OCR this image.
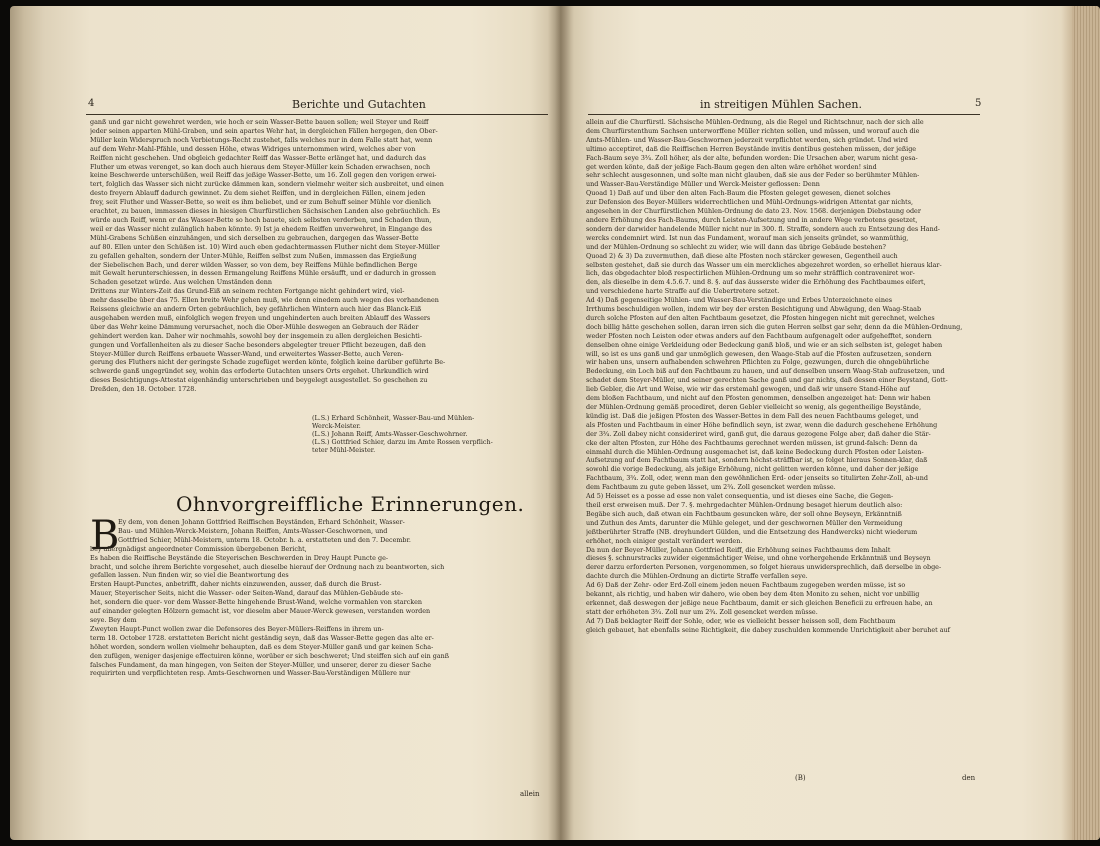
4	Berichte und Gutachten
ganß und gar nicht gewehret werden, wie hoch er sein Wasser-Bette bauen sollen; weil Steyer und Reiff
jeder seinen apparten Mühl-Graben, und sein apartes Wehr hat, in dergleichen Fällen hergegen, den Ober-
Müller kein Widerspruch noch Verbietungs-Recht zustehet, falls welches nur in dem Falle statt hat, wenn
auf dem Wehr-Mahl-Pfähle, und dessen Höhe, etwas Widriges unternommen wird, welches aber von
Reiffen nicht geschehen. Und obgleich gedachter Reiff das Wasser-Bette erlänget hat, und dadurch das
Fluther um etwas verenget, so kan doch auch hieraus dem Steyer-Müller kein Schaden erwachsen, noch
keine Beschwerde unterschüßen, weil Reiff das jeßige Wasser-Bette, um 16. Zoll gegen den vorigen erwei-
tert, folglich das Wasser sich nicht zurücke dämmen kan, sondern vielmehr weiter sich ausbreitet, und einen
desto freyern Ablauff dadurch gewinnet. Zu dem siehet Reiffen, und in dergleichen Fällen, einem jeden
frey, seit Fluther und Wasser-Bette, so weit es ihm beliebet, und er zum Behuff seiner Mühle vor dienlich
erachtet, zu bauen, immassen dieses in hiesigen Churfürstlichen Sächsischen Landen also gebräuchlich. Es
würde auch Reiff, wenn er das Wasser-Bette so hoch bauete, sich selbsten verderben, und Schaden thun,
weil er das Wasser nicht zulänglich haben könnte. 9) Ist ja ehedem Reiffen unverwehret, in Eingange des
Mühl-Grabens Schüßen einzuhängen, und sich derselben zu gebrauchen, dargegen das Wasser-Bette
auf 80. Ellen unter den Schüßen ist. 10) Wird auch eben gedachtermassen Fluther nicht dem Steyer-Müller
zu gefallen gehalten, sondern der Unter-Mühle, Reiffen selbst zum Nußen, immassen das Ergießung
der Siebelischen Bach, und derer wilden Wasser, so von dem, bey Reiffens Mühle befindlichen Berge
mit Gewalt herunterschiessen, in dessen Ermangelung Reiffens Mühle ersäufft, und er dadurch in grossen
Schaden gesetzet würde. Aus welchen Umständen denn
Drittens zur Winters-Zeit das Grund-Eiß an seinem rechten Fortgange nicht gehindert wird, viel-
mehr dasselbe über das 75. Ellen breite Wehr gehen muß, wie denn einedem auch wegen des vorhandenen
Reissens gleichwie an andern Orten gebräuchlich, bey gefährlichen Wintern auch hier das Blanck-Eiß
ausgehaben werden muß, einfolglich wegen freyen und ungehinderten auch breiten Ablauff des Wassers
über das Wehr keine Dämmung verursachet, noch die Ober-Mühle deswegen an Gebrauch der Räder
gehindert werden kan. Daher wir nochmahls, sowohl bey der insgemein zu allen dergleichen Besichti-
gungen und Vorfallenheiten als zu dieser Sache besonders abgelegter treuer Pflicht bezeugen, daß den
Steyer-Müller durch Reiffens erbauete Wasser-Wand, und erweitertes Wasser-Bette, auch Veren-
gerung des Fluthers nicht der geringste Schade zugefüget werden könte, folglich keine darüber geführte Be-
schwerde ganß ungegründet sey, wohin das erfoderte Gutachten unsers Orts ergehet. Uhrkundlich wird
dieses Besichtigungs-Attestat eigenhändig unterschrieben und beygelegt ausgestellet. So geschehen zu
Dreßden, den 18. October. 1728.
(L.S.) Erhard Schönheit, Wasser-Bau-und Mühlen-
Werck-Meister.
(L.S.) Johann Reiff, Amts-Wasser-Geschwohrner.
(L.S.) Gottfried Schier, darzu im Amte Rossen verpflich-
teter Mühl-Meister.
Ohnvorgreiffliche Erinnerungen.
B
Ey dem, von denen Johann Gottfried Reiffischen Beyständen, Erhard Schönheit, Wasser-
Bau- und Mühlen-Werck-Meistern, Johann Reiffen, Amts-Wasser-Geschwornen, und
Gottfried Schier, Mühl-Meistern, unterm 18. Octobr. h. a. erstatteten und den 7. Decembr.
bey allergnädigst angeordneter Commission übergebenen Bericht,
Es haben die Reiffische Beystände die Steyerischen Beschwerden in Drey Haupt Puncte ge-
bracht, und solche ihrem Berichte vorgesehet, auch dieselbe hierauf der Ordnung nach zu beantworten, sich
gefallen lassen. Nun finden wir, so viel die Beantwortung des
Ersten Haupt-Punctes, anbetrifft, daher nichts einzuwenden, ausser, daß durch die Brust-
Mauer, Steyerischer Seits, nicht die Wasser- oder Seiten-Wand, darauf das Mühlen-Gebäude ste-
het, sondern die quer- vor dem Wasser-Bette hingehende Brust-Wand, welche vormahlen von starcken
auf einander gelegten Hölzern gemacht ist, vor dieselm aber Mauer-Werck gewesen, verstanden worden
seye. Bey dem
Zweyten Haupt-Punct wollen zwar die Defensores des Beyer-Müllers-Reiffens in ihrem un-
term 18. October 1728. erstatteten Bericht nicht geständig seyn, daß das Wasser-Bette gegen das alte er-
höhet worden, sondern wollen vielmehr behaupten, daß es dem Steyer-Müller ganß und gar keinen Scha-
den zufügen, weniger dasjenige effectuiren könne, worüber er sich beschweret; Und steiffen sich auf ein ganß
falsches Fundament, da man hingegen, von Seiten der Steyer-Müller, und unserer, derer zu dieser Sache
requirirten und verpflichteten resp. Amts-Geschwornen und Wasser-Bau-Verständigen Müllere nur
allein
in streitigen Mühlen Sachen.	5
allein auf die Churfürstl. Sächsische Mühlen-Ordnung, als die Regel und Richtschnur, nach der sich alle
dem Churfürstenthum Sachsen unterworffene Müller richten sollen, und müssen, und worauf auch die
Amts-Mühlen- und Wasser-Bau-Geschwornen jederzeit verpflichtet werden, sich gründet. Und wird
ultimo acceptiret, daß die Reiffischen Herren Beystände invitis dentibus gestehen müssen, der jeßige
Fach-Baum seye 3¾. Zoll höher, als der alte, befunden worden: Die Ursachen aber, warum nicht gesa-
get werden könte, daß der jeßige Fach-Baum gegen den alten wäre erhöhet worden! sind
sehr schlecht ausgesonnen, und solte man nicht glauben, daß sie aus der Feder so berühmter Mühlen-
und Wasser-Bau-Verständige Müller und Werck-Meister geflossen: Denn
Quoad 1) Daß auf und über den alten Fach-Baum die Pfosten geleget gewesen, dienet solches
zur Defension des Beyer-Müllers widerrechtlichen und Mühl-Ordnungs-widrigen Attentat gar nichts,
angesehen in der Churfürstlichen Mühlen-Ordnung de dato 23. Nov. 1568. derjenigen Diebstaung oder
andere Erhöhung des Fach-Baums, durch Leisten-Aufsetzung und in andere Wege verbotens gesetzet,
sondern der darwider handelende Müller nicht nur in 300. fl. Straffe, sondern auch zu Entsetzung des Hand-
wercks condemnirt wird. Ist nun das Fundament, worauf man sich jenseits gründet, so wanmüthig,
und der Mühlen-Ordnung so schlecht zu wider, wie will dann das übrige Gebäude bestehen?
Quoad 2) & 3) Da zuvermuthen, daß diese alte Pfosten noch stärcker gewesen, Gegentheil auch
selbsten gestehet, daß sie durch das Wasser um ein merckliches abgezehret worden, so erhellet hieraus klar-
lich, das obgedachter bloß respectirlichen Mühlen-Ordnung um so mehr sträfflich contraveniret wor-
den, als dieselbe in dem 4.5.6.7. und 8. §. auf das äusserste wider die Erhöhung des Fachtbaumes eifert,
und verschiedene harte Straffe auf die Uebertretere setzet.
Ad 4) Daß gegenseitige Mühlen- und Wasser-Bau-Verständige und Erbes Unterzeichnete eines
Irrthums beschuldigen wollen, indem wir bey der ersten Besichtigung und Abwägung, den Waag-Staab
durch solche Pfosten auf den alten Fachtbaum gesetzet, die Pfosten hingegen nicht mit gerechnet, welches
doch billig hätte geschehen sollen, daran irren sich die guten Herren selbst gar sehr, denn da die Mühlen-Ordnung,
weder Pfosten noch Leisten oder etwas anders auf den Fachtbaum aufgenagelt oder aufgehefftet, sondern
denselben ohne einige Verkleidung oder Bedeckung ganß bloß, und wie er an sich selbsten ist, geleget haben
will, so ist es uns ganß und gar unmöglich gewesen, den Waage-Stab auf die Pfosten aufzusetzen, sondern
wir haben uns, unsern aufhabenden schwehren Pflichten zu Folge, gezwungen, durch die ohngebührliche
Bedeckung, ein Loch biß auf den Fachtbaum zu hauen, und auf denselben unsern Waag-Stab aufzusetzen, und
schadet dem Steyer-Müller, und seiner gerechten Sache ganß und gar nichts, daß dessen einer Beystand, Gott-
lieb Gebler, die Art und Weise, wie wir das erstemahl gewogen, und daß wir unsere Stand-Höhe auf
dem bloßen Fachtbaum, und nicht auf den Pfosten genommen, denselben angezeiget hat: Denn wir haben
der Mühlen-Ordnung gemäß procediret, deren Gebler vielleicht so wenig, als gegentheilige Beystände,
kündig ist. Daß die jeßigen Pfosten des Wasser-Bettes in dem Fall des neuen Fachtbaums geleget, und
als Pfosten und Fachtbaum in einer Höhe befindlich seyn, ist zwar, wenn die dadurch geschehene Erhöhung
der 3¾. Zoll dabey nicht consideriret wird, ganß gut, die daraus gezogene Folge aber, daß daher die Stär-
cke der alten Pfosten, zur Höhe des Fachtbaums gerechnet werden müssen, ist grund-falsch: Denn da
einmahl durch die Mühlen-Ordnung ausgemachet ist, daß keine Bedeckung durch Pfosten oder Leisten-
Aufsetzung auf dem Fachtbaum statt hat, sondern höchst-sträffbar ist, so folget hieraus Sonnen-klar, daß
sowohl die vorige Bedeckung, als jeßige Erhöhung, nicht gelitten werden könne, und daher der jeßige
Fachtbaum, 3¾. Zoll, oder, wenn man den gewöhnlichen Erd- oder jenseits so titulirten Zehr-Zoll, ab-und
dem Fachtbaum zu gute geben lässet, um 2¾. Zoll gesencket werden müsse.
Ad 5) Heisset es a posse ad esse non valet consequentia, und ist dieses eine Sache, die Gegen-
theil erst erweisen muß. Der 7. §. mehrgedachter Mühlen-Ordnung besaget hierum deutlich also:
Begäbe sich auch, daß etwan ein Fachtbaum gesuncken wäre, der soll ohne Beyseyn, Erkänntniß
und Zuthun des Amts, darunter die Mühle geleget, und der geschwornen Müller den Vermeidung
jeßtberührter Straffe (NB. dreyhundert Gülden, und die Entsetzung des Handwercks) nicht wiederum
erhöhet, noch einiger gestalt verändert werden.
Da nun der Beyer-Müller, Johann Gottfried Reiff, die Erhöhung seines Fachtbaums dem Inhalt
dieses §. schnurstracks zuwider eigenmächtiger Weise, und ohne vorhergehende Erkänntniß und Beyseyn
derer darzu erforderten Personen, vorgenommen, so folget hieraus unwidersprechlich, daß derselbe in obge-
dachte durch die Mühlen-Ordnung an dictirte Straffe verfallen seye.
Ad 6) Daß der Zehr- oder Erd-Zoll einem jeden neuen Fachtbaum zugegeben werden müsse, ist so
bekannt, als richtig, und haben wir dahero, wie oben bey dem 4ten Monito zu sehen, nicht vor unbillig
erkennet, daß deswegen der jeßige neue Fachtbaum, damit er sich gleichen Beneficii zu erfreuen habe, an
statt der erhöheten 3¾. Zoll nur um 2¾. Zoll gesencket werden müsse.
Ad 7) Daß beklagter Reiff der Sohle, oder, wie es vielleicht besser heissen soll, dem Fachtbaum
gleich gebauet, hat ebenfalls seine Richtigkeit, die dabey zuschulden kommende Unrichtigkeit aber beruhet auf
(B)	den
